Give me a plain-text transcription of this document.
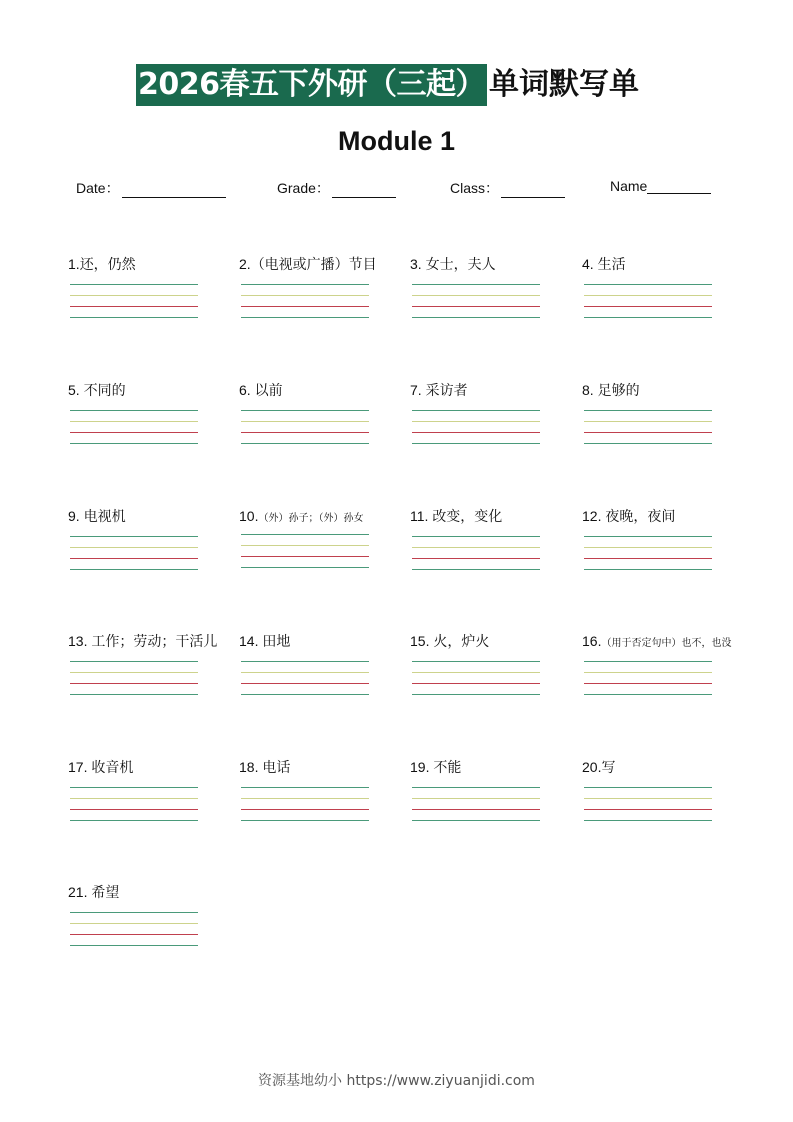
2026春五下外研（三起） 单词默写单
Module 1
Date：	Grade：	Class：	Name
1.还，仍然	2.（电视或广播）节目	3. 女士，夫人	4. 生活
5. 不同的	6. 以前	7. 采访者	8. 足够的
9. 电视机	10.（外）孙子；（外）孙女	11. 改变，变化	12. 夜晚，夜间
13. 工作；劳动；干活儿	14. 田地	15. 火，炉火	16.（用于否定句中）也不，也没
17. 收音机	18. 电话	19. 不能	20.写
21. 希望
资源基地幼小 https://www.ziyuanjidi.com
